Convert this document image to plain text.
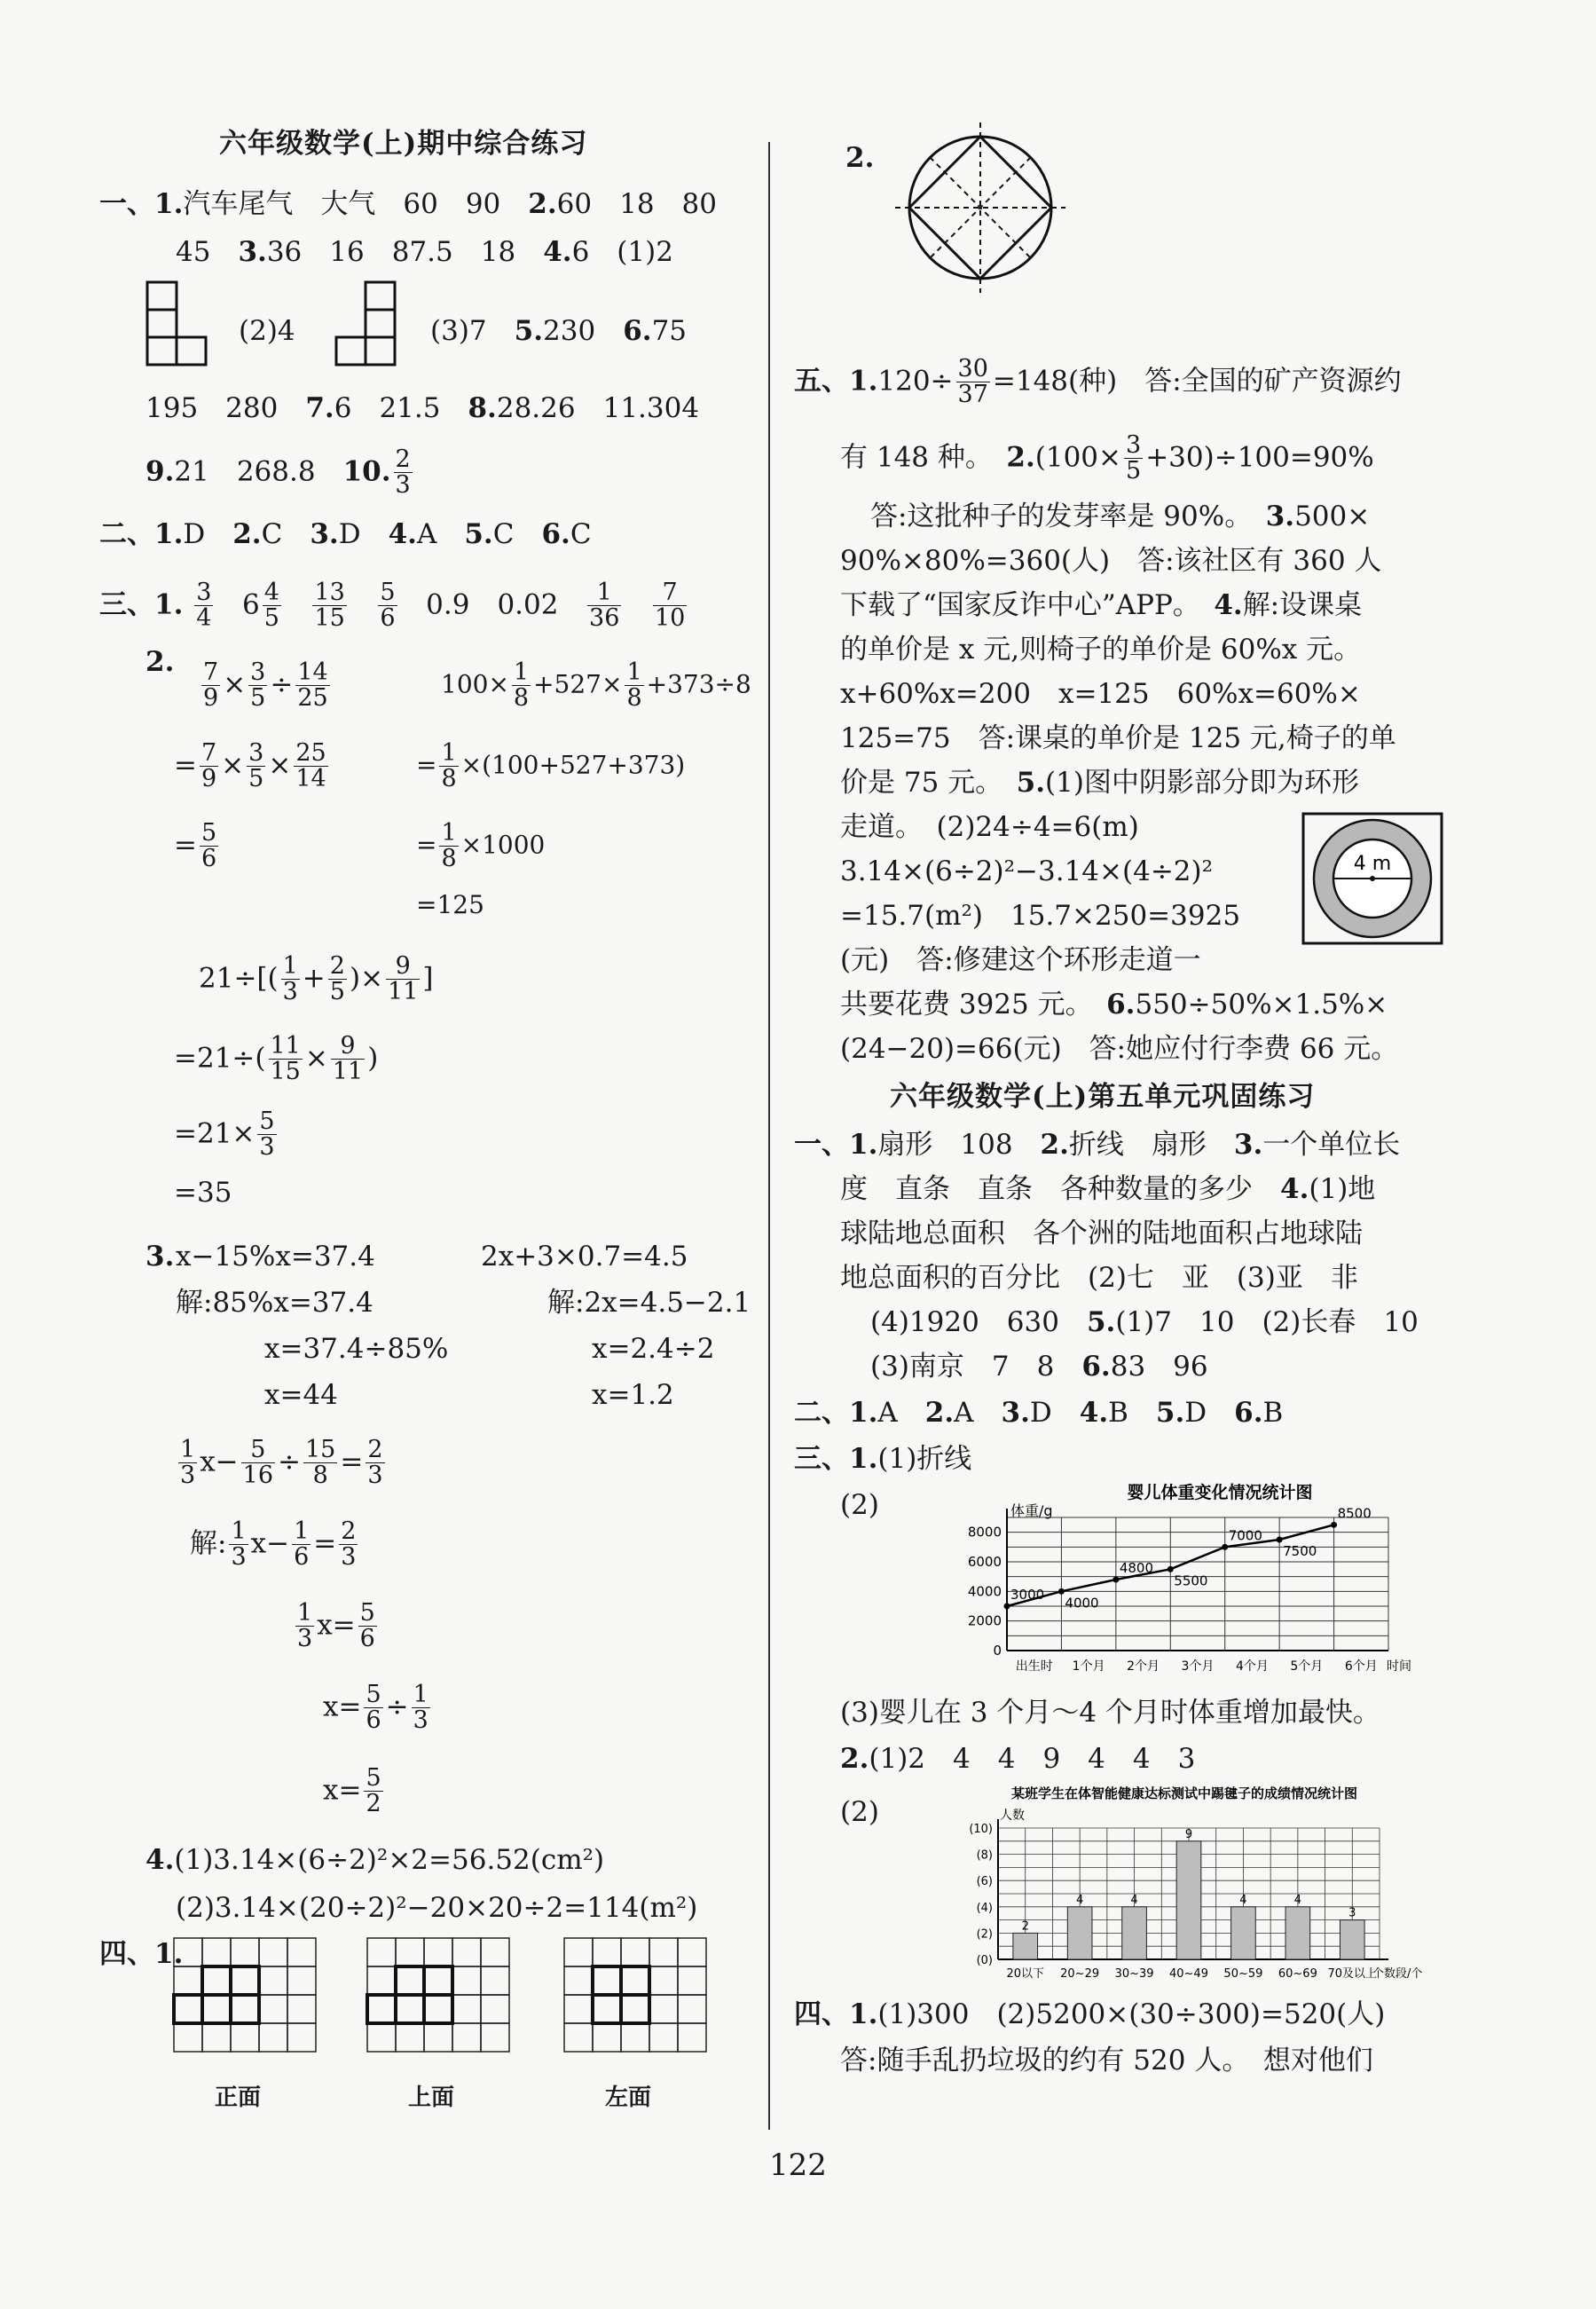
六年级数学(上)期中综合练习
一、1.汽车尾气　大气　60　90　2.60　18　80
45　3.36　16　87.5　18　4.6　(1)2
(2)4	(3)7　5.230　6.75
195　280　7.6　21.5　8.28.26　11.304
9.21　268.8　10. $\frac{2}{3}$
二、1.D　2.C　3.D　4.A　5.C　6.C
三、1. $\frac{3}{4} 6 \frac{4}{5}$
$\frac{13}{15}$
$\frac{5}{6} 0.9$　$0.02 \frac{1}{36}$
$\frac{7}{10}$
2. $\frac{7}{9} \times \frac{3}{5} \div \frac{14}{25}$
= $\frac{7}{9} \times \frac{3}{5} \times \frac{25}{14}$
= $\frac{5}{6}$
$100\times \frac{1}{8} +527\times \frac{1}{8} +373\div 8$
= $\frac{1}{8} \times(100+527+373)$
= $\frac{1}{8} \times 1000$
=125
$21\div[( \frac{1}{3} + \frac{2}{5}$ )× $\frac{9}{11}$ ]
$=21\div( \frac{11}{15} \times \frac{9}{11}$ )
$=21\times \frac{5}{3}$
=35
3. x−15%x=37.4
解:85%x=37.4
x=37.4÷85%
x=44
2x+3×0.7=4.5
解:2x=4.5−2.1
x=2.4÷2
x=1.2
$\frac{1}{3} x- \frac{5}{16} \div \frac{15}{8} = \frac{2}{3}$
解: $\frac{1}{3} x- \frac{1}{6} = \frac{2}{3}$
$\frac{1}{3} x= \frac{5}{6}$
$x= \frac{5}{6} \div \frac{1}{3}$
$x= \frac{5}{2}$
4.(1)3.14×(6÷2)²×2=56.52(cm²)
(2)3.14×(20÷2)²−20×20÷2=114(m²)
四、1.
正面	上面	左面
2.
五、$1.120\div \frac{30}{37} =148$(种)　答:全国的矿产资源约
有 148 种。　$2.(100\times \frac{3}{5} +30)\div 100=90\%$
答:这批种子的发芽率是 90%。　3.500×
90%×80%=360(人)　答:该社区有 360 人
下载了“国家反诈中心”APP。　4.解:设课桌
的单价是 x 元,则椅子的单价是 60%x 元。
x+60%x=200　x=125　60%x=60%×
125=75　答:课桌的单价是 125 元,椅子的单
价是 75 元。　5.(1)图中阴影部分即为环形
走道。　(2)24÷4=6(m)
3.14×(6÷2)²−3.14×(4÷2)²
=15.7(m²)　15.7×250=3925
(元)　答:修建这个环形走道一
4 m
共要花费 3925 元。　6.550÷50%×1.5%×
(24−20)=66(元)　答:她应付行李费 66 元。
六年级数学(上)第五单元巩固练习
一、1.扇形　108　2.折线　扇形　3.一个单位长
度　直条　直条　各种数量的多少　4.(1)地
球陆地总面积　各个洲的陆地面积占地球陆
地总面积的百分比　(2)七　亚　(3)亚　非
(4)1920　630　5.(1)7　10　(2)长春　10
(3)南京　7　8　6.83　96
二、1.A　2.A　3.D　4.B　5.D　6.B
三、1.(1)折线
(2)	婴儿体重变化情况统计图
体重/g
0
2000
4000
6000
8000
出生时 1个月 2个月 3个月 4个月 5个月 6个月 时间
3000
4000
4800
5500
7000
7500
8500
(3)婴儿在 3 个月～4 个月时体重增加最快。
2.(1)2　4　4　9　4　4　3
(2)
某班学生在体智能健康达标测试中踢毽子的成绩情况统计图
人数
(0)
(2)
(4)
(6)
(8)
(10)
2
20以下
4
20~29
4
30~39
9
40~49
4
50~59
4
60~69
3
70及以上
个数段/个
四、1.(1)300　(2)5200×(30÷300)=520(人)
答:随手乱扔垃圾的约有 520 人。　想对他们
122
